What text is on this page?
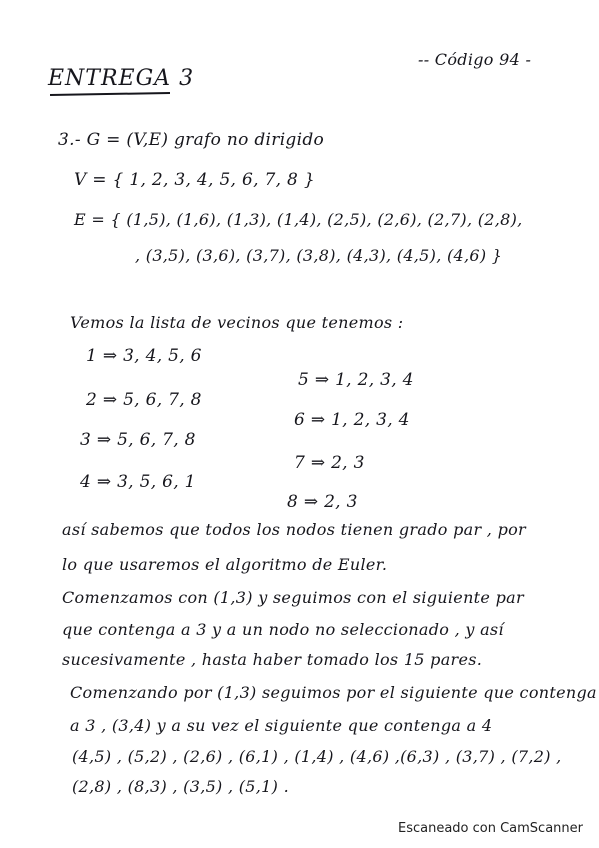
ENTREGA 3
-- Código 94 -
3.- G = (V,E) grafo no dirigido
V = { 1, 2, 3, 4, 5, 6, 7, 8 }
E = { (1,5), (1,6), (1,3), (1,4), (2,5), (2,6), (2,7), (2,8),
, (3,5), (3,6), (3,7), (3,8), (4,3), (4,5), (4,6) }
Vemos la lista de vecinos que tenemos :
1 ⇒ 3, 4, 5, 6
2 ⇒ 5, 6, 7, 8
3 ⇒ 5, 6, 7, 8
4 ⇒ 3, 5, 6, 1
5 ⇒ 1, 2, 3, 4
6 ⇒ 1, 2, 3, 4
7 ⇒ 2, 3
8 ⇒ 2, 3
así sabemos que todos los nodos tienen grado par , por
lo que usaremos el algoritmo de Euler.
Comenzamos con (1,3) y seguimos con el siguiente par
que contenga a 3 y a un nodo no seleccionado , y así
sucesivamente , hasta haber tomado los 15 pares.
Comenzando por (1,3) seguimos por el siguiente que contenga
a 3 , (3,4) y a su vez el siguiente que contenga a 4
(4,5) , (5,2) , (2,6) , (6,1) , (1,4) , (4,6) ,(6,3) , (3,7) , (7,2) ,
(2,8) , (8,3) , (3,5) , (5,1) .
Escaneado con CamScanner
